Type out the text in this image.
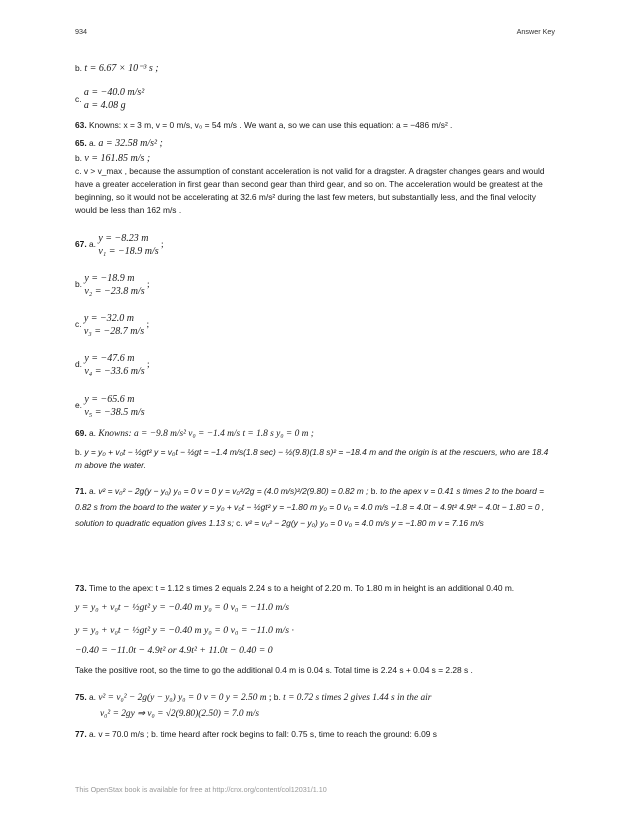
934	Answer Key
b. t = 6.67 × 10⁻³ s ;
c.
a = −40.0 m/s²
a = 4.08 g
63. Knowns: x = 3 m, v = 0 m/s, v₀ = 54 m/s . We want a, so we can use this equation: a = −486 m/s² .
65. a. a = 32.58 m/s² ;
b. v = 161.85 m/s ;
c. v > v_max , because the assumption of constant acceleration is not valid for a dragster. A dragster changes gears and would have a greater acceleration in first gear than second gear than third gear, and so on. The acceleration would be greatest at the beginning, so it would not be accelerating at 32.6 m/s² during the last few meters, but substantially less, and the final velocity would be less than 162 m/s .
67. a.
y = −8.23 m
v₁ = −18.9 m/s
;
b.
y = −18.9 m
v₂ = −23.8 m/s
;
c.
y = −32.0 m
v₃ = −28.7 m/s
;
d.
y = −47.6 m
v₄ = −33.6 m/s
;
e.
y = −65.6 m
v₅ = −38.5 m/s
69. a. Knowns: a = −9.8 m/s² v₀ = −1.4 m/s t = 1.8 s y₀ = 0 m ;
b. y = y₀ + v₀t − ½gt² y = v₀t − ½gt = −1.4 m/s(1.8 sec) − ½(9.8)(1.8 s)² = −18.4 m and the origin is at the rescuers, who are 18.4 m above the water.
71. a. v² = v₀² − 2g(y − y₀) y₀ = 0 v = 0 y = v₀²/2g = (4.0 m/s)²/2(9.80) = 0.82 m ; b. to the apex v = 0.41 s times 2 to the board = 0.82 s from the board to the water y = y₀ + v₀t − ½gt² y = −1.80 m y₀ = 0 v₀ = 4.0 m/s −1.8 = 4.0t − 4.9t² 4.9t² − 4.0t − 1.80 = 0 , solution to quadratic equation gives 1.13 s; c. v² = v₀² − 2g(y − y₀) y₀ = 0 v₀ = 4.0 m/s y = −1.80 m v = 7.16 m/s
73. Time to the apex: t = 1.12 s times 2 equals 2.24 s to a height of 2.20 m. To 1.80 m in height is an additional 0.40 m.
y = y₀ + v₀t − ½gt² y = −0.40 m y₀ = 0 v₀ = −11.0 m/s
y = y₀ + v₀t − ½gt² y = −0.40 m y₀ = 0 v₀ = −11.0 m/s ·
−0.40 = −11.0t − 4.9t² or 4.9t² + 11.0t − 0.40 = 0
Take the positive root, so the time to go the additional 0.4 m is 0.04 s. Total time is 2.24 s + 0.04 s = 2.28 s .
75. a. v² = v₀² − 2g(y − y₀) y₀ = 0 v = 0 y = 2.50 m ; b. t = 0.72 s times 2 gives 1.44 s in the air
v₀² = 2gy ⇒ v₀ = √2(9.80)(2.50) = 7.0 m/s
77. a. v = 70.0 m/s ; b. time heard after rock begins to fall: 0.75 s, time to reach the ground: 6.09 s
This OpenStax book is available for free at http://cnx.org/content/col12031/1.10
